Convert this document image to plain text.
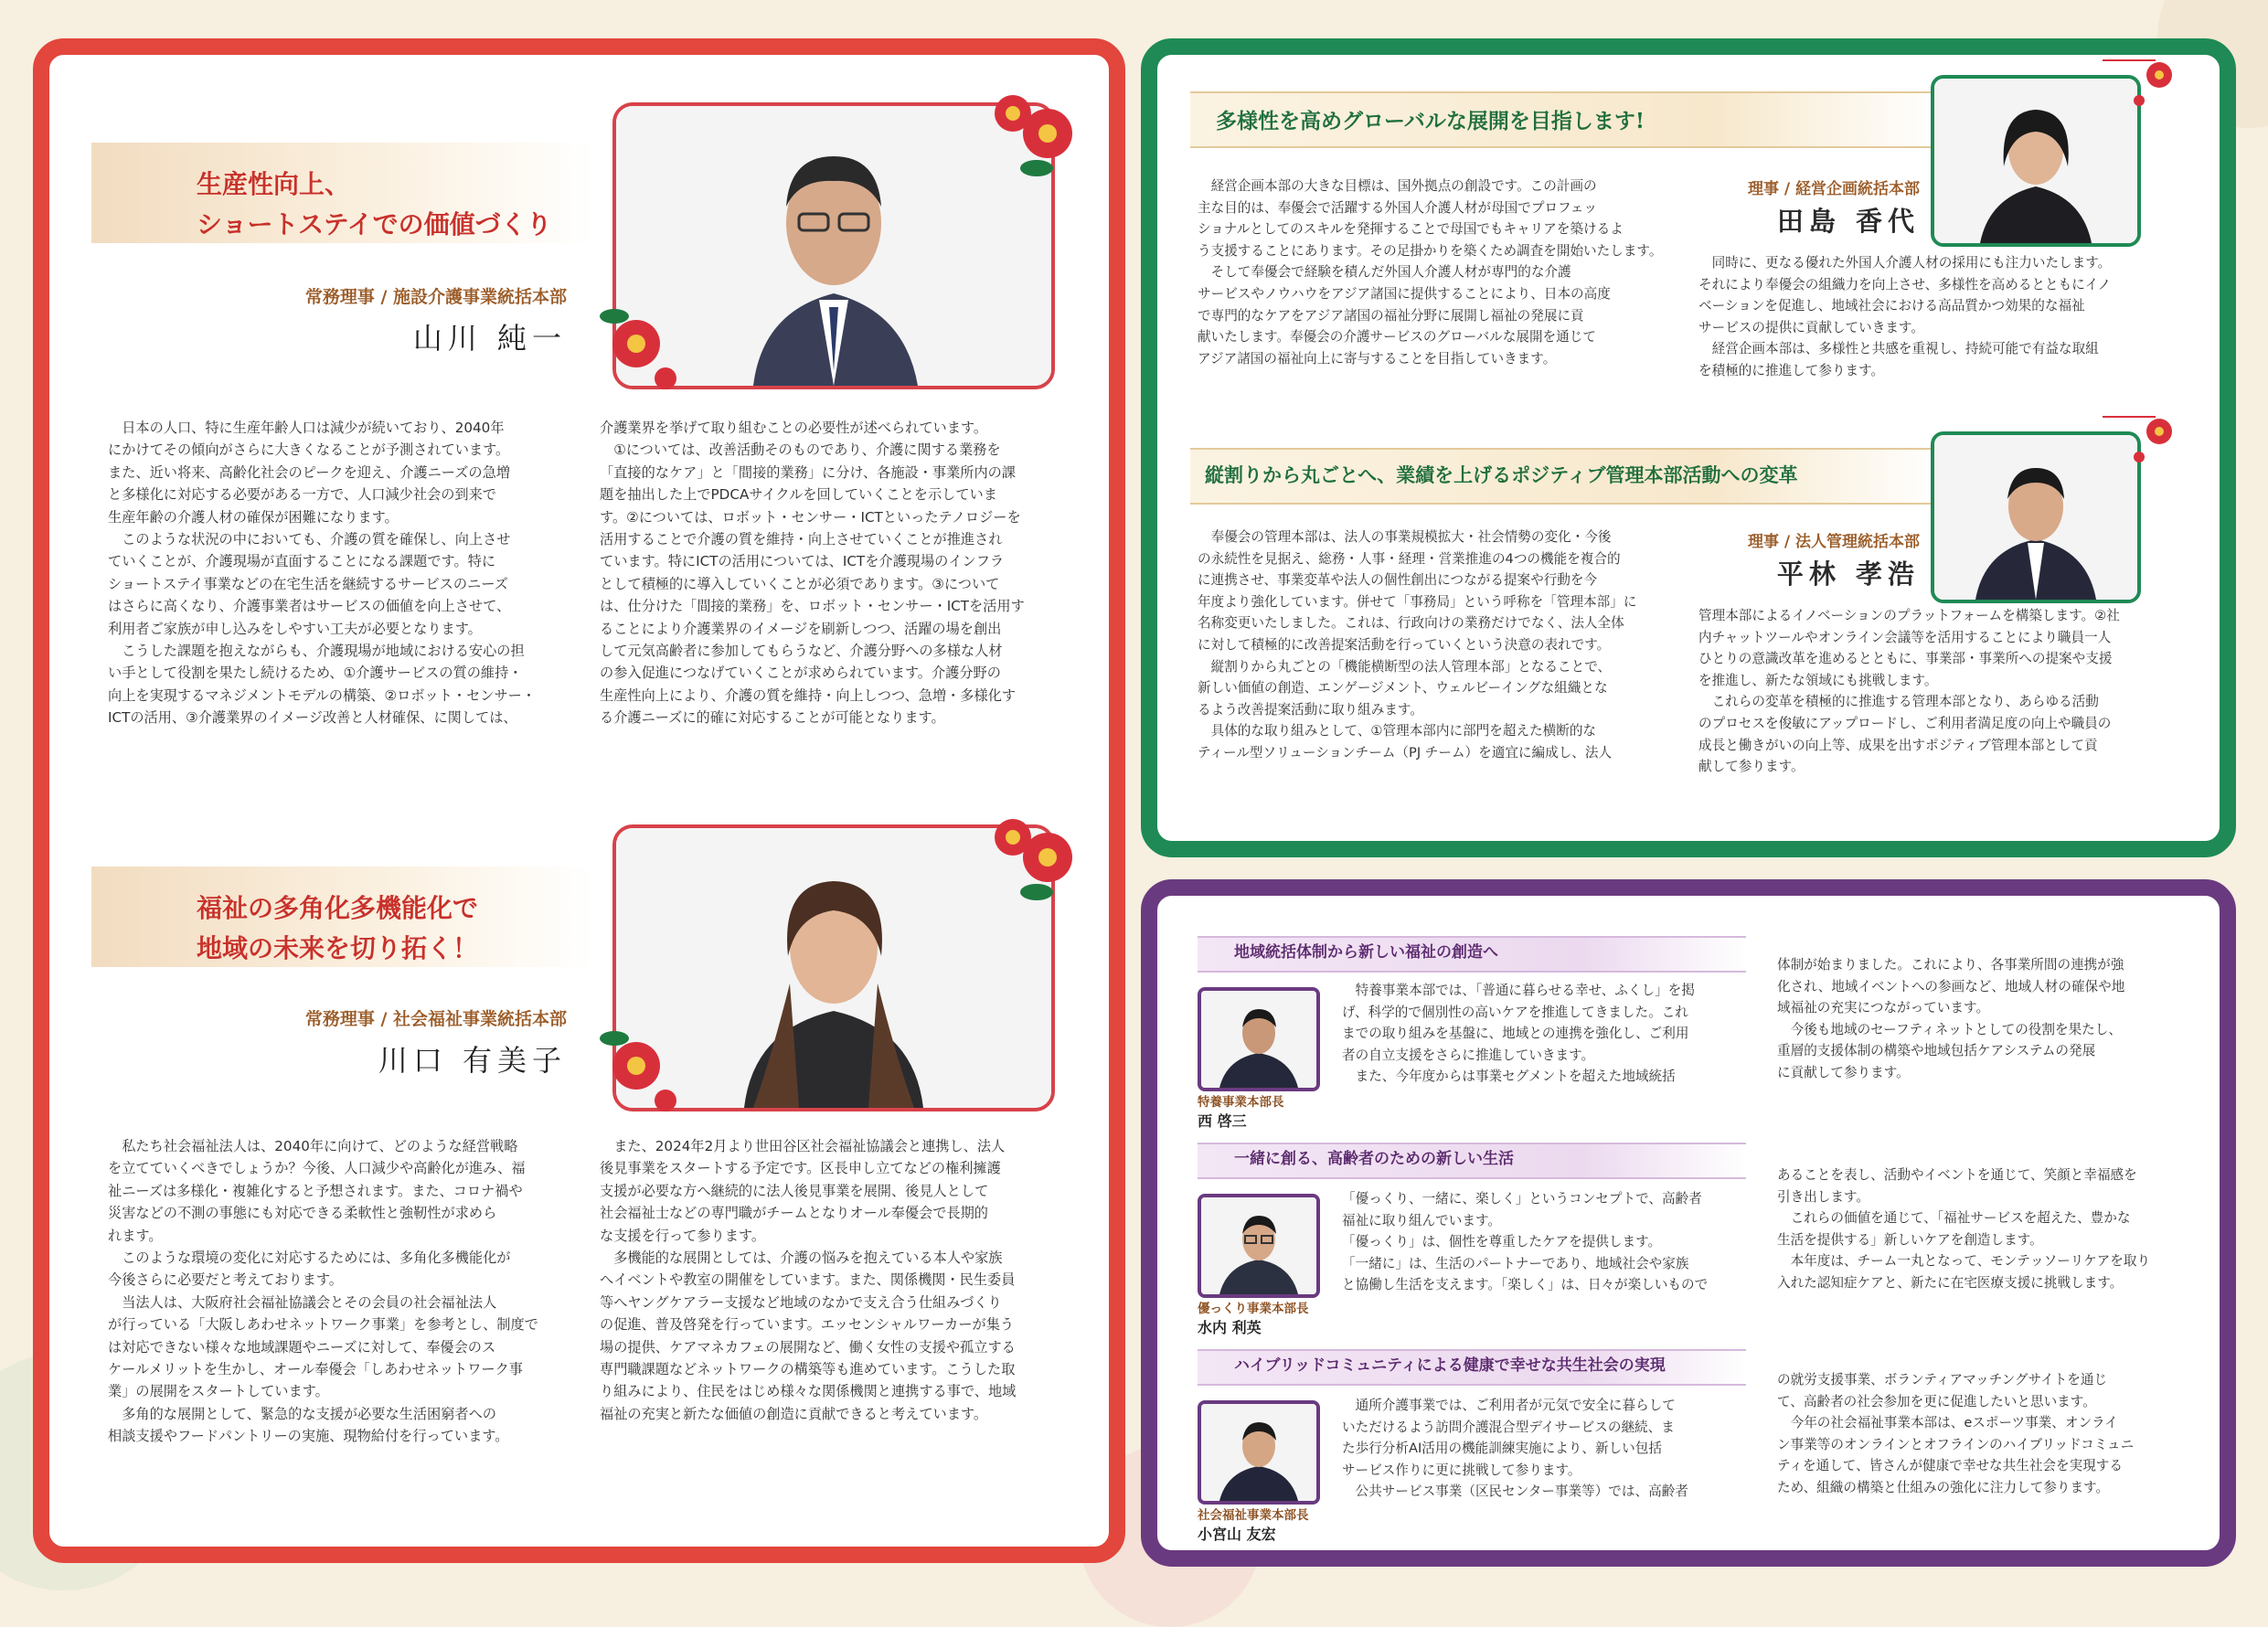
生産性向上、
ショートステイでの価値づくり
常務理事 / 施設介護事業統括本部
山川 純一
　日本の人口、特に生産年齢人口は減少が続いており、2040年
にかけてその傾向がさらに大きくなることが予測されています。
また、近い将来、高齢化社会のピークを迎え、介護ニーズの急増
と多様化に対応する必要がある一方で、人口減少社会の到来で
生産年齢の介護人材の確保が困難になります。
　このような状況の中においても、介護の質を確保し、向上させ
ていくことが、介護現場が直面することになる課題です。特に
ショートステイ事業などの在宅生活を継続するサービスのニーズ
はさらに高くなり、介護事業者はサービスの価値を向上させて、
利用者ご家族が申し込みをしやすい工夫が必要となります。
　こうした課題を抱えながらも、介護現場が地域における安心の担
い手として役割を果たし続けるため、①介護サービスの質の維持・
向上を実現するマネジメントモデルの構築、②ロボット・センサー・
ICTの活用、③介護業界のイメージ改善と人材確保、に関しては、
介護業界を挙げて取り組むことの必要性が述べられています。
　①については、改善活動そのものであり、介護に関する業務を
「直接的なケア」と「間接的業務」に分け、各施設・事業所内の課
題を抽出した上でPDCAサイクルを回していくことを示していま
す。②については、ロボット・センサー・ICTといったテノロジーを
活用することで介護の質を維持・向上させていくことが推進され
ています。特にICTの活用については、ICTを介護現場のインフラ
として積極的に導入していくことが必須であります。③について
は、仕分けた「間接的業務」を、ロボット・センサー・ICTを活用す
ることにより介護業界のイメージを刷新しつつ、活躍の場を創出
して元気高齢者に参加してもらうなど、介護分野への多様な人材
の参入促進につなげていくことが求められています。介護分野の
生産性向上により、介護の質を維持・向上しつつ、急増・多様化す
る介護ニーズに的確に対応することが可能となります。
福祉の多角化多機能化で
地域の未来を切り拓く！
常務理事 / 社会福祉事業統括本部
川口 有美子
　私たち社会福祉法人は、2040年に向けて、どのような経営戦略
を立てていくべきでしょうか？今後、人口減少や高齢化が進み、福
祉ニーズは多様化・複雑化すると予想されます。また、コロナ禍や
災害などの不測の事態にも対応できる柔軟性と強靭性が求めら
れます。
　このような環境の変化に対応するためには、多角化多機能化が
今後さらに必要だと考えております。
　当法人は、大阪府社会福祉協議会とその会員の社会福祉法人
が行っている「大阪しあわせネットワーク事業」を参考とし、制度で
は対応できない様々な地域課題やニーズに対して、奉優会のス
ケールメリットを生かし、オール奉優会「しあわせネットワーク事
業」の展開をスタートしています。
　多角的な展開として、緊急的な支援が必要な生活困窮者への
相談支援やフードパントリーの実施、現物給付を行っています。
　また、2024年2月より世田谷区社会福祉協議会と連携し、法人
後見事業をスタートする予定です。区長申し立てなどの権利擁護
支援が必要な方へ継続的に法人後見事業を展開、後見人として
社会福祉士などの専門職がチームとなりオール奉優会で長期的
な支援を行って参ります。
　多機能的な展開としては、介護の悩みを抱えている本人や家族
へイベントや教室の開催をしています。また、関係機関・民生委員
等へヤングケアラー支援など地域のなかで支え合う仕組みづくり
の促進、普及啓発を行っています。エッセンシャルワーカーが集う
場の提供、ケアマネカフェの展開など、働く女性の支援や孤立する
専門職課題などネットワークの構築等も進めています。こうした取
り組みにより、住民をはじめ様々な関係機関と連携する事で、地域
福祉の充実と新たな価値の創造に貢献できると考えています。
多様性を高めグローバルな展開を目指します!
理事 / 経営企画統括本部
田島 香代
　経営企画本部の大きな目標は、国外拠点の創設です。この計画の
主な目的は、奉優会で活躍する外国人介護人材が母国でプロフェッ
ショナルとしてのスキルを発揮することで母国でもキャリアを築けるよ
う支援することにあります。その足掛かりを築くため調査を開始いたします。
　そして奉優会で経験を積んだ外国人介護人材が専門的な介護
サービスやノウハウをアジア諸国に提供することにより、日本の高度
で専門的なケアをアジア諸国の福祉分野に展開し福祉の発展に貢
献いたします。奉優会の介護サービスのグローバルな展開を通じて
アジア諸国の福祉向上に寄与することを目指していきます。
　同時に、更なる優れた外国人介護人材の採用にも注力いたします。
それにより奉優会の組織力を向上させ、多様性を高めるとともにイノ
ベーションを促進し、地域社会における高品質かつ効果的な福祉
サービスの提供に貢献していきます。
　経営企画本部は、多様性と共感を重視し、持続可能で有益な取組
を積極的に推進して参ります。
縦割りから丸ごとへ、業績を上げるポジティブ管理本部活動への変革
理事 / 法人管理統括本部
平林 孝浩
　奉優会の管理本部は、法人の事業規模拡大・社会情勢の変化・今後
の永続性を見据え、総務・人事・経理・営業推進の4つの機能を複合的
に連携させ、事業変革や法人の個性創出につながる提案や行動を今
年度より強化しています。併せて「事務局」という呼称を「管理本部」に
名称変更いたしました。これは、行政向けの業務だけでなく、法人全体
に対して積極的に改善提案活動を行っていくという決意の表れです。
　縦割りから丸ごとの「機能横断型の法人管理本部」となることで、
新しい価値の創造、エンゲージメント、ウェルビーイングな組織とな
るよう改善提案活動に取り組みます。
　具体的な取り組みとして、①管理本部内に部門を超えた横断的な
ティール型ソリューションチーム（PJ チーム）を適宜に編成し、法人
管理本部によるイノベーションのプラットフォームを構築します。②社
内チャットツールやオンライン会議等を活用することにより職員一人
ひとりの意識改革を進めるとともに、事業部・事業所への提案や支援
を推進し、新たな領域にも挑戦します。
　これらの変革を積極的に推進する管理本部となり、あらゆる活動
のプロセスを俊敏にアップロードし、ご利用者満足度の向上や職員の
成長と働きがいの向上等、成果を出すポジティブ管理本部として貢
献して参ります。
地域統括体制から新しい福祉の創造へ
特養事業本部長
西 啓三
　特養事業本部では、「普通に暮らせる幸せ、ふくし」を掲
げ、科学的で個別性の高いケアを推進してきました。これ
までの取り組みを基盤に、地域との連携を強化し、ご利用
者の自立支援をさらに推進していきます。
　また、今年度からは事業セグメントを超えた地域統括
体制が始まりました。これにより、各事業所間の連携が強
化され、地域イベントへの参画など、地域人材の確保や地
域福祉の充実につながっています。
　今後も地域のセーフティネットとしての役割を果たし、
重層的支援体制の構築や地域包括ケアシステムの発展
に貢献して参ります。
一緒に創る、高齢者のための新しい生活
優っくり事業本部長
水内 利英
「優っくり、一緒に、楽しく」というコンセプトで、高齢者
福祉に取り組んでいます。
「優っくり」は、個性を尊重したケアを提供します。
「一緒に」は、生活のパートナーであり、地域社会や家族
と協働し生活を支えます。「楽しく」は、日々が楽しいもので
あることを表し、活動やイベントを通じて、笑顔と幸福感を
引き出します。
　これらの価値を通じて、「福祉サービスを超えた、豊かな
生活を提供する」新しいケアを創造します。
　本年度は、チーム一丸となって、モンテッソーリケアを取り
入れた認知症ケアと、新たに在宅医療支援に挑戦します。
ハイブリッドコミュニティによる健康で幸せな共生社会の実現
社会福祉事業本部長
小宮山 友宏
　通所介護事業では、ご利用者が元気で安全に暮らして
いただけるよう訪問介護混合型デイサービスの継続、ま
た歩行分析AI活用の機能訓練実施により、新しい包括
サービス作りに更に挑戦して参ります。
　公共サービス事業（区民センター事業等）では、高齢者
の就労支援事業、ボランティアマッチングサイトを通じ
て、高齢者の社会参加を更に促進したいと思います。
　今年の社会福祉事業本部は、eスポーツ事業、オンライ
ン事業等のオンラインとオフラインのハイブリッドコミュニ
ティを通して、皆さんが健康で幸せな共生社会を実現する
ため、組織の構築と仕組みの強化に注力して参ります。
